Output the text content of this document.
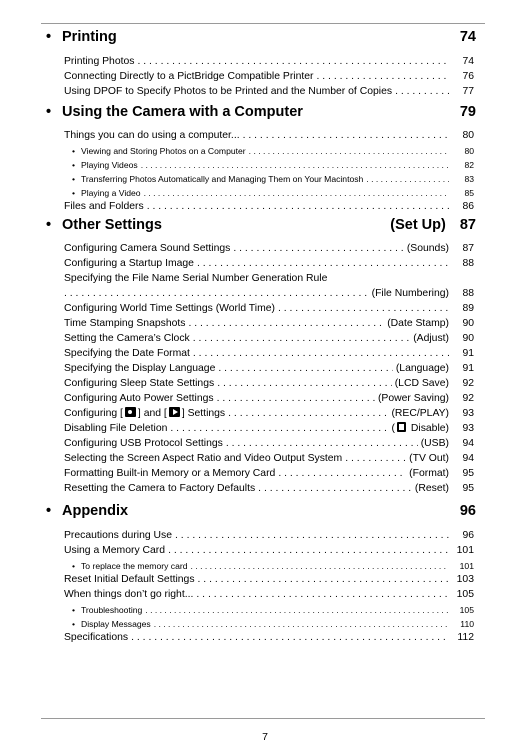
• Printing	74
Printing Photos . . .	74
Connecting Directly to a PictBridge Compatible Printer . . .	76
Using DPOF to Specify Photos to be Printed and the Number of Copies . . .	77
• Using the Camera with a Computer	79
Things you can do using a computer... . . .	80
• Viewing and Storing Photos on a Computer . . .	80
• Playing Videos . . .	82
• Transferring Photos Automatically and Managing Them on Your Macintosh . . .	83
• Playing a Video . . .	85
Files and Folders . . .	86
• Other Settings	(Set Up) 87
Configuring Camera Sound Settings . . .	(Sounds)	87
Configuring a Startup Image . . .	88
Specifying the File Name Serial Number Generation Rule
. . .
(File Numbering)	88
Configuring World Time Settings (World Time) . . .	89
Time Stamping Snapshots . . .	(Date Stamp)	90
Setting the Camera’s Clock . . .	(Adjust)	90
Specifying the Date Format . . .	91
Specifying the Display Language . . .	(Language)	91
Configuring Sleep State Settings . . .	(LCD Save)	92
Configuring Auto Power Settings . . .	(Power Saving)	92
Configuring [ ] and [ ] Settings . . .	(REC/PLAY)	93
Disabling File Deletion . . .	( Disable)	93
Configuring USB Protocol Settings . . .	(USB)	94
Selecting the Screen Aspect Ratio and Video Output System . . .	(TV Out)	94
Formatting Built-in Memory or a Memory Card . . .	(Format)	95
Resetting the Camera to Factory Defaults . . .	(Reset)	95
• Appendix	96
Precautions during Use . . .	96
Using a Memory Card . . .	101
• To replace the memory card . . .	101
Reset Initial Default Settings . . .	103
When things don’t go right... . . .	105
• Troubleshooting . . .	105
• Display Messages . . .	110
Specifications . . .	112
7
